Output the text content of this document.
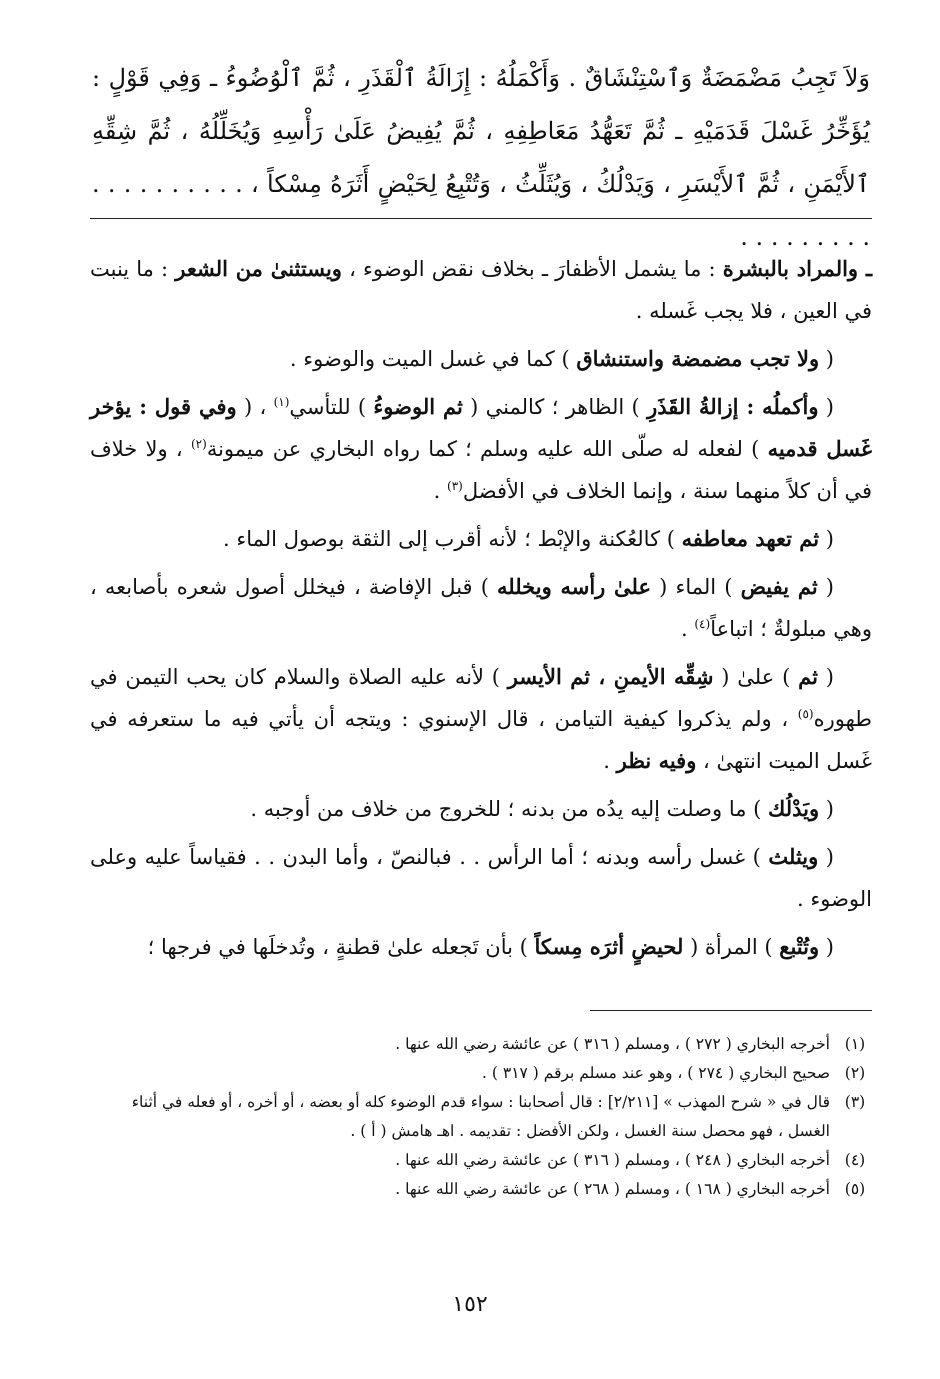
وَلاَ تَجِبُ مَضْمَضَةٌ وَٱسْتِنْشَاقٌ . وَأَكْمَلُهُ : إِزَالَةُ ٱلْقَذَرِ ، ثُمَّ ٱلْوُضُوءُ ـ وَفِي قَوْلٍ : يُؤَخِّرُ غَسْلَ قَدَمَيْهِ ـ ثُمَّ تَعَهُّدُ مَعَاطِفِهِ ، ثُمَّ يُفِيضُ عَلَىٰ رَأْسِهِ وَيُخَلِّلُهُ ، ثُمَّ شِقِّهِ ٱلأَيْمَنِ ، ثُمَّ ٱلأَيْسَرِ ، وَيَدْلُكُ ، وَيُثَلِّثُ ، وَتُتْبِعُ لِحَيْضٍ أَثَرَهُ مِسْكاً ، . . . . . . . . . . . . . . . . . . .

ـ والمراد بالبشرة : ما يشمل الأظفارَ ـ بخلاف نقض الوضوء ، ويستثنىٰ من الشعر : ما ينبت في العين ، فلا يجب غَسله .

( ولا تجب مضمضة واستنشاق ) كما في غسل الميت والوضوء .

( وأكملُه : إزالةُ القَذَرِ ) الظاهر ؛ كالمني ( ثم الوضوءُ ) للتأسي$^{(١)}$ ، ( وفي قول : يؤخر غَسل قدميه ) لفعله له صلّى الله عليه وسلم ؛ كما رواه البخاري عن ميمونة$^{(٢)}$ ، ولا خلاف في أن كلاً منهما سنة ، وإنما الخلاف في الأفضل$^{(٣)}$ .

( ثم تعهد معاطفه ) كالعُكنة والإبْط ؛ لأنه أقرب إلى الثقة بوصول الماء .

( ثم يفيض ) الماء ( علىٰ رأسه ويخلله ) قبل الإفاضة ، فيخلل أصول شعره بأصابعه ، وهي مبلولةٌ ؛ اتباعاً$^{(٤)}$ .

( ثم ) علىٰ ( شِقِّه الأيمنِ ، ثم الأيسر ) لأنه عليه الصلاة والسلام كان يحب التيمن في طهوره$^{(٥)}$ ، ولم يذكروا كيفية التيامن ، قال الإسنوي : ويتجه أن يأتي فيه ما ستعرفه في غَسل الميت انتهىٰ ، وفيه نظر .

( ويَدْلُك ) ما وصلت إليه يدُه من بدنه ؛ للخروج من خلاف من أوجبه .

( ويثلث ) غسل رأسه وبدنه ؛ أما الرأس . . فبالنصّ ، وأما البدن . . فقياساً عليه وعلى الوضوء .

( وتُتْبع ) المرأة ( لحيضٍ أثرَه مِسكاً ) بأن تَجعله علىٰ قطنةٍ ، وتُدخلَها في فرجها ؛

(١)
أخرجه البخاري ( ٢٧٢ ) ، ومسلم ( ٣١٦ ) عن عائشة رضي الله عنها .
(٢)
صحيح البخاري ( ٢٧٤ ) ، وهو عند مسلم برقم ( ٣١٧ ) .
(٣)
قال في « شرح المهذب » [٢/٢١١] : قال أصحابنا : سواء قدم الوضوء كله أو بعضه ، أو أخره ، أو فعله في أثناء الغسل ، فهو محصل سنة الغسل ، ولكن الأفضل : تقديمه . اهـ هامش ( أ ) .
(٤)
أخرجه البخاري ( ٢٤٨ ) ، ومسلم ( ٣١٦ ) عن عائشة رضي الله عنها .
(٥)
أخرجه البخاري ( ١٦٨ ) ، ومسلم ( ٢٦٨ ) عن عائشة رضي الله عنها .
١٥٢
